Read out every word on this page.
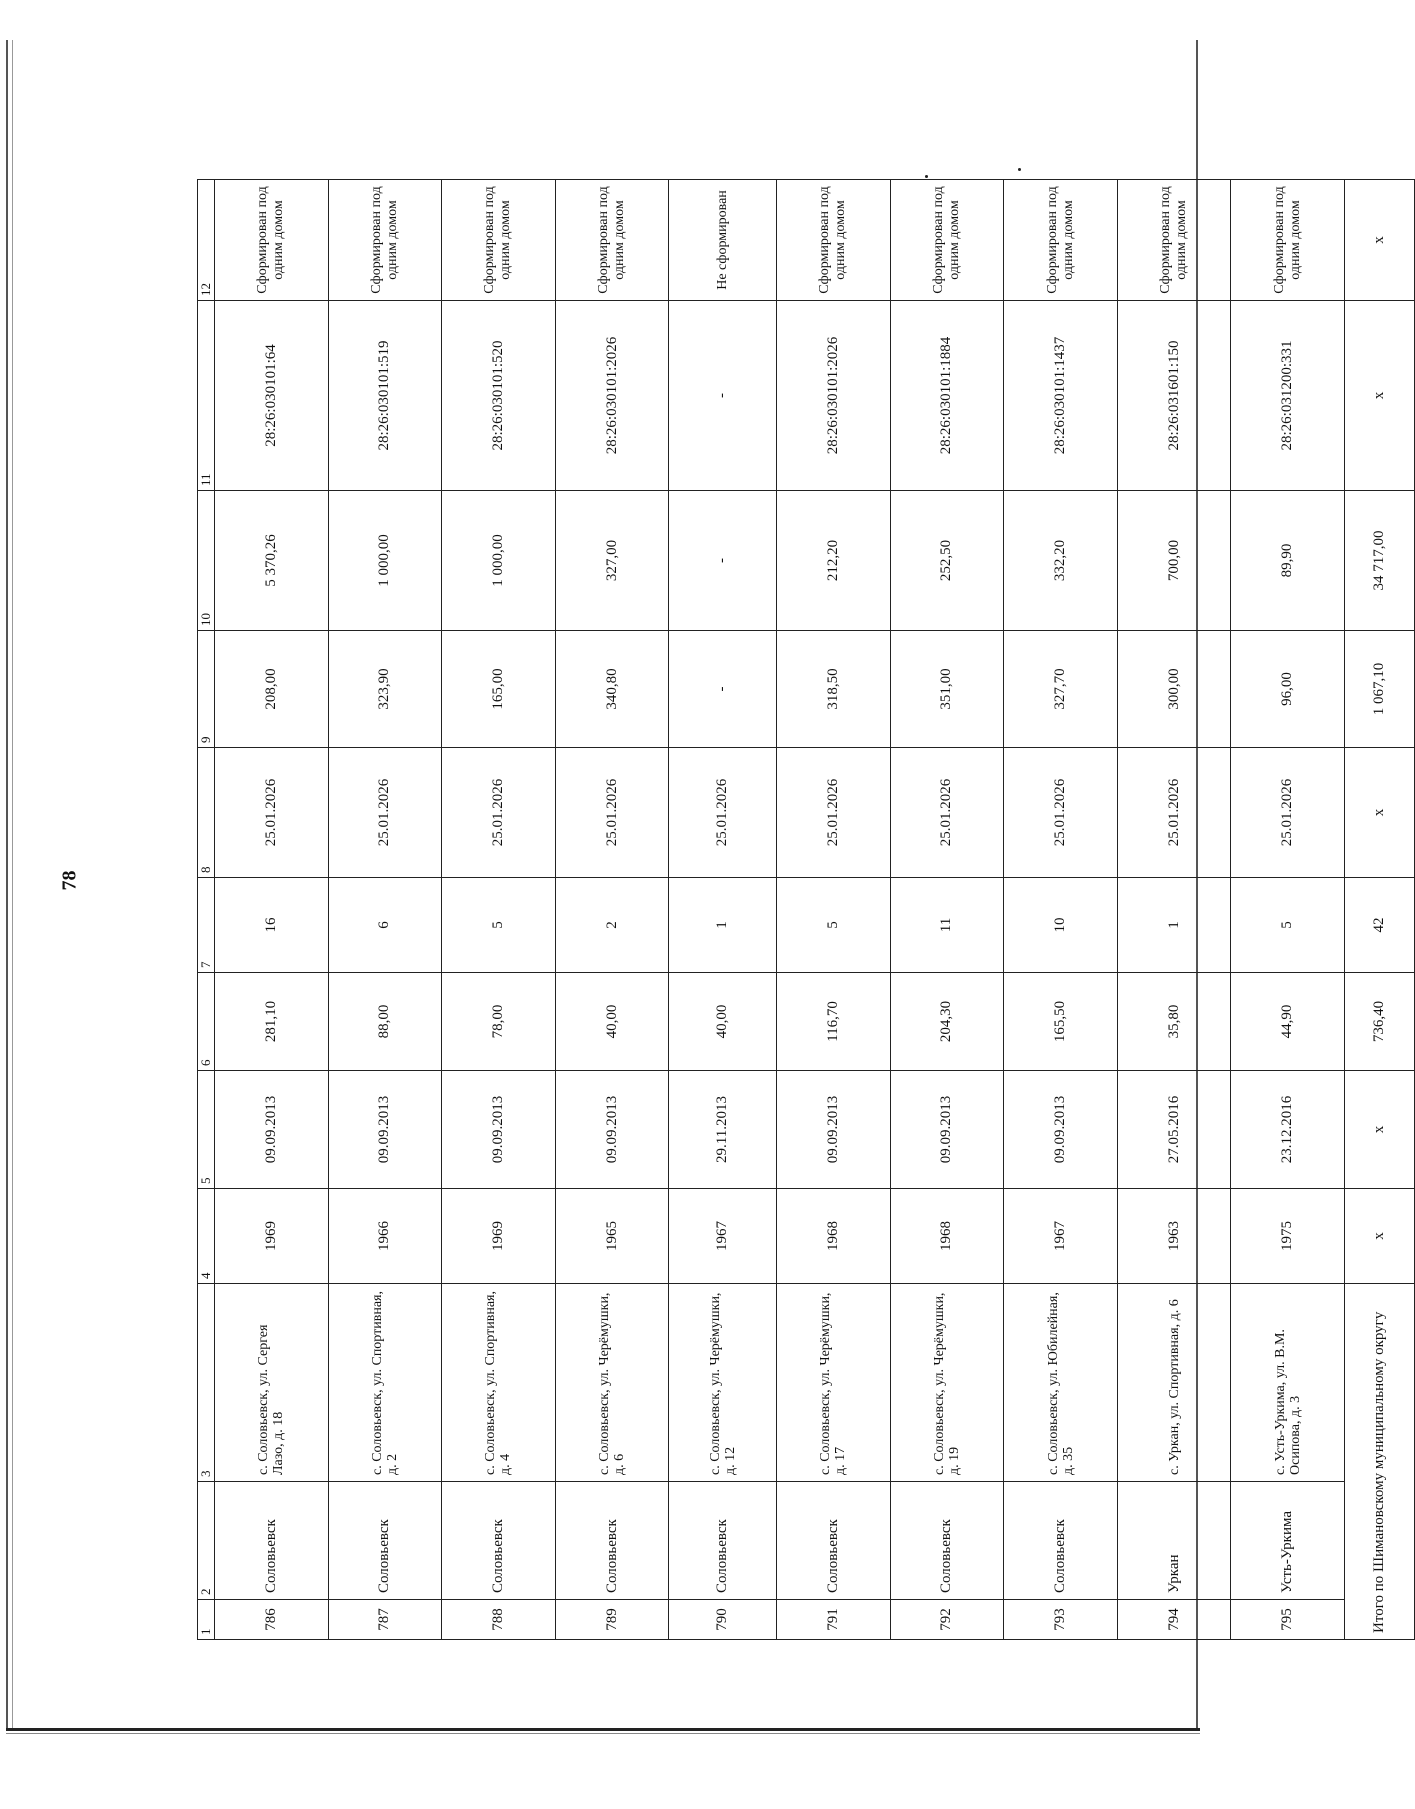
78
1	2	3	4	5	6	7	8	9	10	11	12
786	Соловьевск	с. Соловьевск, ул. Сергея Лазо, д. 18	1969	09.09.2013	281,10	16	25.01.2026	208,00	5 370,26	28:26:030101:64	Сформирован под одним домом
787	Соловьевск	с. Соловьевск, ул. Спортивная, д. 2	1966	09.09.2013	88,00	6	25.01.2026	323,90	1 000,00	28:26:030101:519	Сформирован под одним домом
788	Соловьевск	с. Соловьевск, ул. Спортивная, д. 4	1969	09.09.2013	78,00	5	25.01.2026	165,00	1 000,00	28:26:030101:520	Сформирован под одним домом
789	Соловьевск	с. Соловьевск, ул. Черёмушки, д. 6	1965	09.09.2013	40,00	2	25.01.2026	340,80	327,00	28:26:030101:2026	Сформирован под одним домом
790	Соловьевск	с. Соловьевск, ул. Черёмушки, д. 12	1967	29.11.2013	40,00	1	25.01.2026	-	-	-	Не сформирован
791	Соловьевск	с. Соловьевск, ул. Черёмушки, д. 17	1968	09.09.2013	116,70	5	25.01.2026	318,50	212,20	28:26:030101:2026	Сформирован под одним домом
792	Соловьевск	с. Соловьевск, ул. Черёмушки, д. 19	1968	09.09.2013	204,30	11	25.01.2026	351,00	252,50	28:26:030101:1884	Сформирован под одним домом
793	Соловьевск	с. Соловьевск, ул. Юбилейная, д. 35	1967	09.09.2013	165,50	10	25.01.2026	327,70	332,20	28:26:030101:1437	Сформирован под одним домом
794	Уркан	с. Уркан, ул. Спортивная, д. 6	1963	27.05.2016	35,80	1	25.01.2026	300,00	700,00	28:26:031601:150	Сформирован под одним домом
795	Усть-Уркима	с. Усть-Уркима, ул. В.М. Осипова, д. 3	1975	23.12.2016	44,90	5	25.01.2026	96,00	89,90	28:26:031200:331	Сформирован под одним домом
Итого по Шимановскому муниципальному округу			x	x	736,40	42	x	1 067,10	34 717,00	x	x
